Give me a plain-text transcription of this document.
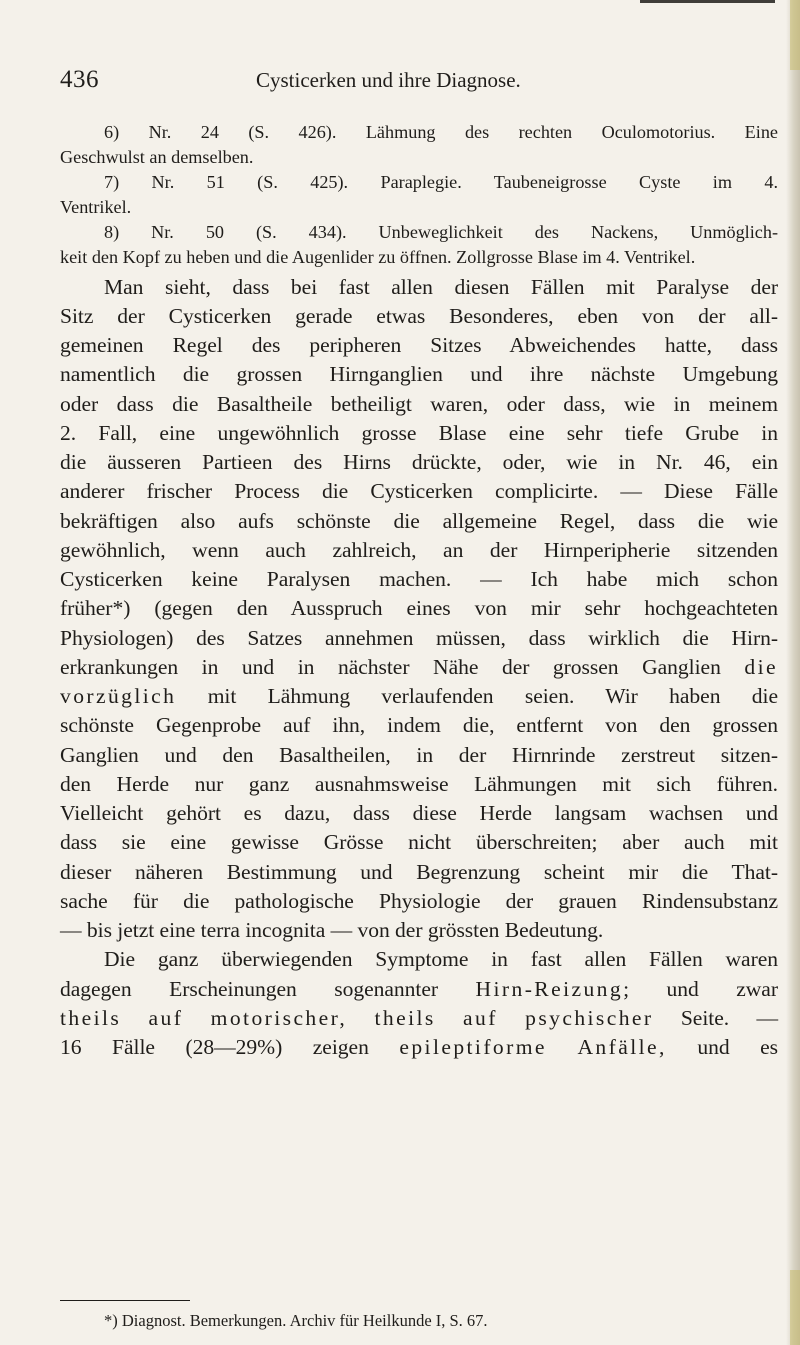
436	Cysticerken und ihre Diagnose.

6) Nr. 24 (S. 426). Lähmung des rechten Oculomotorius. Eine

Geschwulst an demselben.

7) Nr. 51 (S. 425). Paraplegie. Taubeneigrosse Cyste im 4.

Ventrikel.

8) Nr. 50 (S. 434). Unbeweglichkeit des Nackens, Unmöglich-

keit den Kopf zu heben und die Augenlider zu öffnen. Zollgrosse Blase im 4. Ventrikel.

Man sieht, dass bei fast allen diesen Fällen mit Paralyse der

Sitz der Cysticerken gerade etwas Besonderes, eben von der all-

gemeinen Regel des peripheren Sitzes Abweichendes hatte, dass

namentlich die grossen Hirnganglien und ihre nächste Umgebung

oder dass die Basaltheile betheiligt waren, oder dass, wie in meinem

2. Fall, eine ungewöhnlich grosse Blase eine sehr tiefe Grube in

die äusseren Partieen des Hirns drückte, oder, wie in Nr. 46, ein

anderer frischer Process die Cysticerken complicirte. — Diese Fälle

bekräftigen also aufs schönste die allgemeine Regel, dass die wie

gewöhnlich, wenn auch zahlreich, an der Hirnperipherie sitzenden

Cysticerken keine Paralysen machen. — Ich habe mich schon

früher*) (gegen den Ausspruch eines von mir sehr hochgeachteten

Physiologen) des Satzes annehmen müssen, dass wirklich die Hirn-

erkrankungen in und in nächster Nähe der grossen Ganglien die

vorzüglich mit Lähmung verlaufenden seien. Wir haben die

schönste Gegenprobe auf ihn, indem die, entfernt von den grossen

Ganglien und den Basaltheilen, in der Hirnrinde zerstreut sitzen-

den Herde nur ganz ausnahmsweise Lähmungen mit sich führen.

Vielleicht gehört es dazu, dass diese Herde langsam wachsen und

dass sie eine gewisse Grösse nicht überschreiten; aber auch mit

dieser näheren Bestimmung und Begrenzung scheint mir die That-

sache für die pathologische Physiologie der grauen Rindensubstanz

— bis jetzt eine terra incognita — von der grössten Bedeutung.

Die ganz überwiegenden Symptome in fast allen Fällen waren

dagegen Erscheinungen sogenannter Hirn-Reizung; und zwar

theils auf motorischer, theils auf psychischer Seite. —

16 Fälle (28—29%) zeigen epileptiforme Anfälle, und es

*) Diagnost. Bemerkungen. Archiv für Heilkunde I, S. 67.
